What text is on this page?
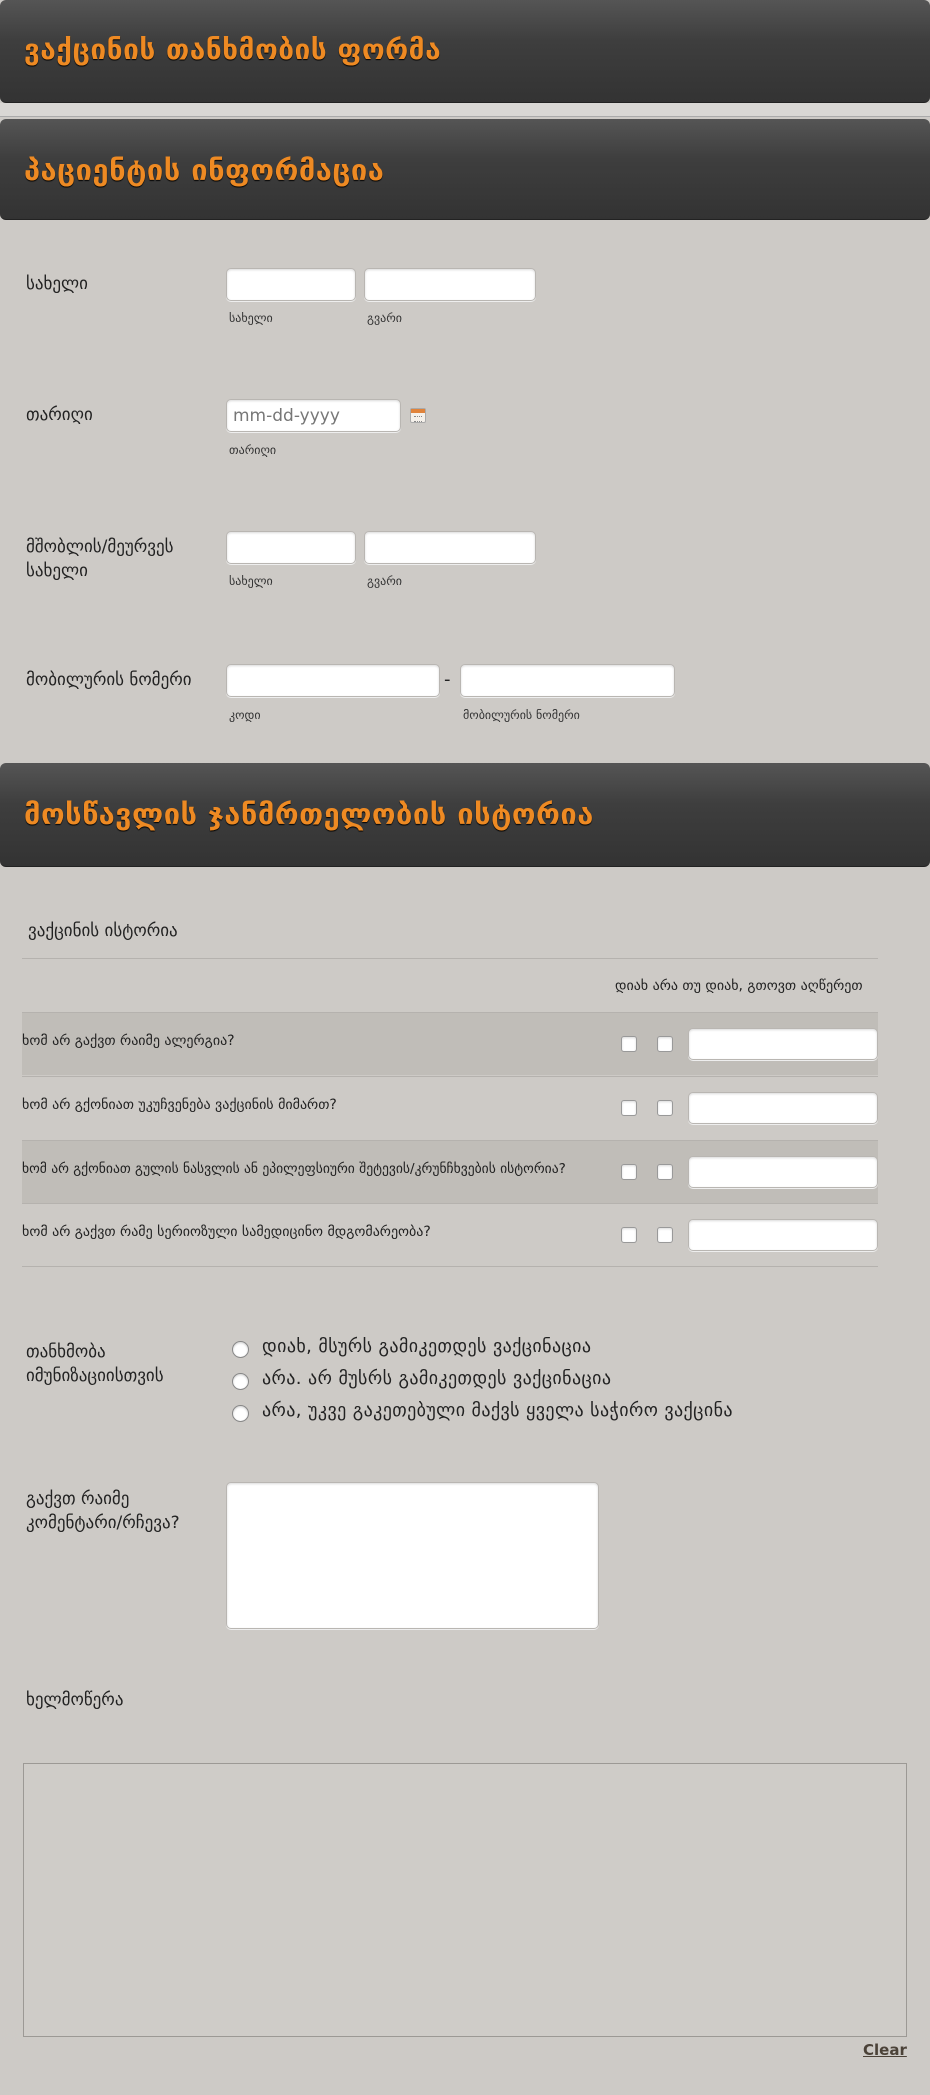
ვაქცინის თანხმობის ფორმა
პაციენტის ინფორმაცია
სახელი
სახელი	გვარი
თარიღი
mm-dd-yyyy
თარიღი
მშობლის/მეურვეს
სახელი	სახელი	გვარი
მობილურის ნომერი	-
კოდი	მობილურის ნომერი
მოსწავლის ჯანმრთელობის ისტორია
ვაქცინის ისტორია
დიახ არა თუ დიახ, გთოვთ აღწერეთ
ხომ არ გაქვთ რაიმე ალერგია?
ხომ არ გქონიათ უკუჩვენება ვაქცინის მიმართ?
ხომ არ გქონიათ გულის ნასვლის ან ეპილეფსიური შეტევის/კრუნჩხვების ისტორია?
ხომ არ გაქვთ რამე სერიოზული სამედიცინო მდგომარეობა?
თანხმობა
იმუნიზაციისთვის
დიახ, მსურს გამიკეთდეს ვაქცინაცია
არა. არ მუსრს გამიკეთდეს ვაქცინაცია
არა, უკვე გაკეთებული მაქვს ყველა საჭირო ვაქცინა
გაქვთ რაიმე
კომენტარი/რჩევა?
ხელმოწერა
Clear
